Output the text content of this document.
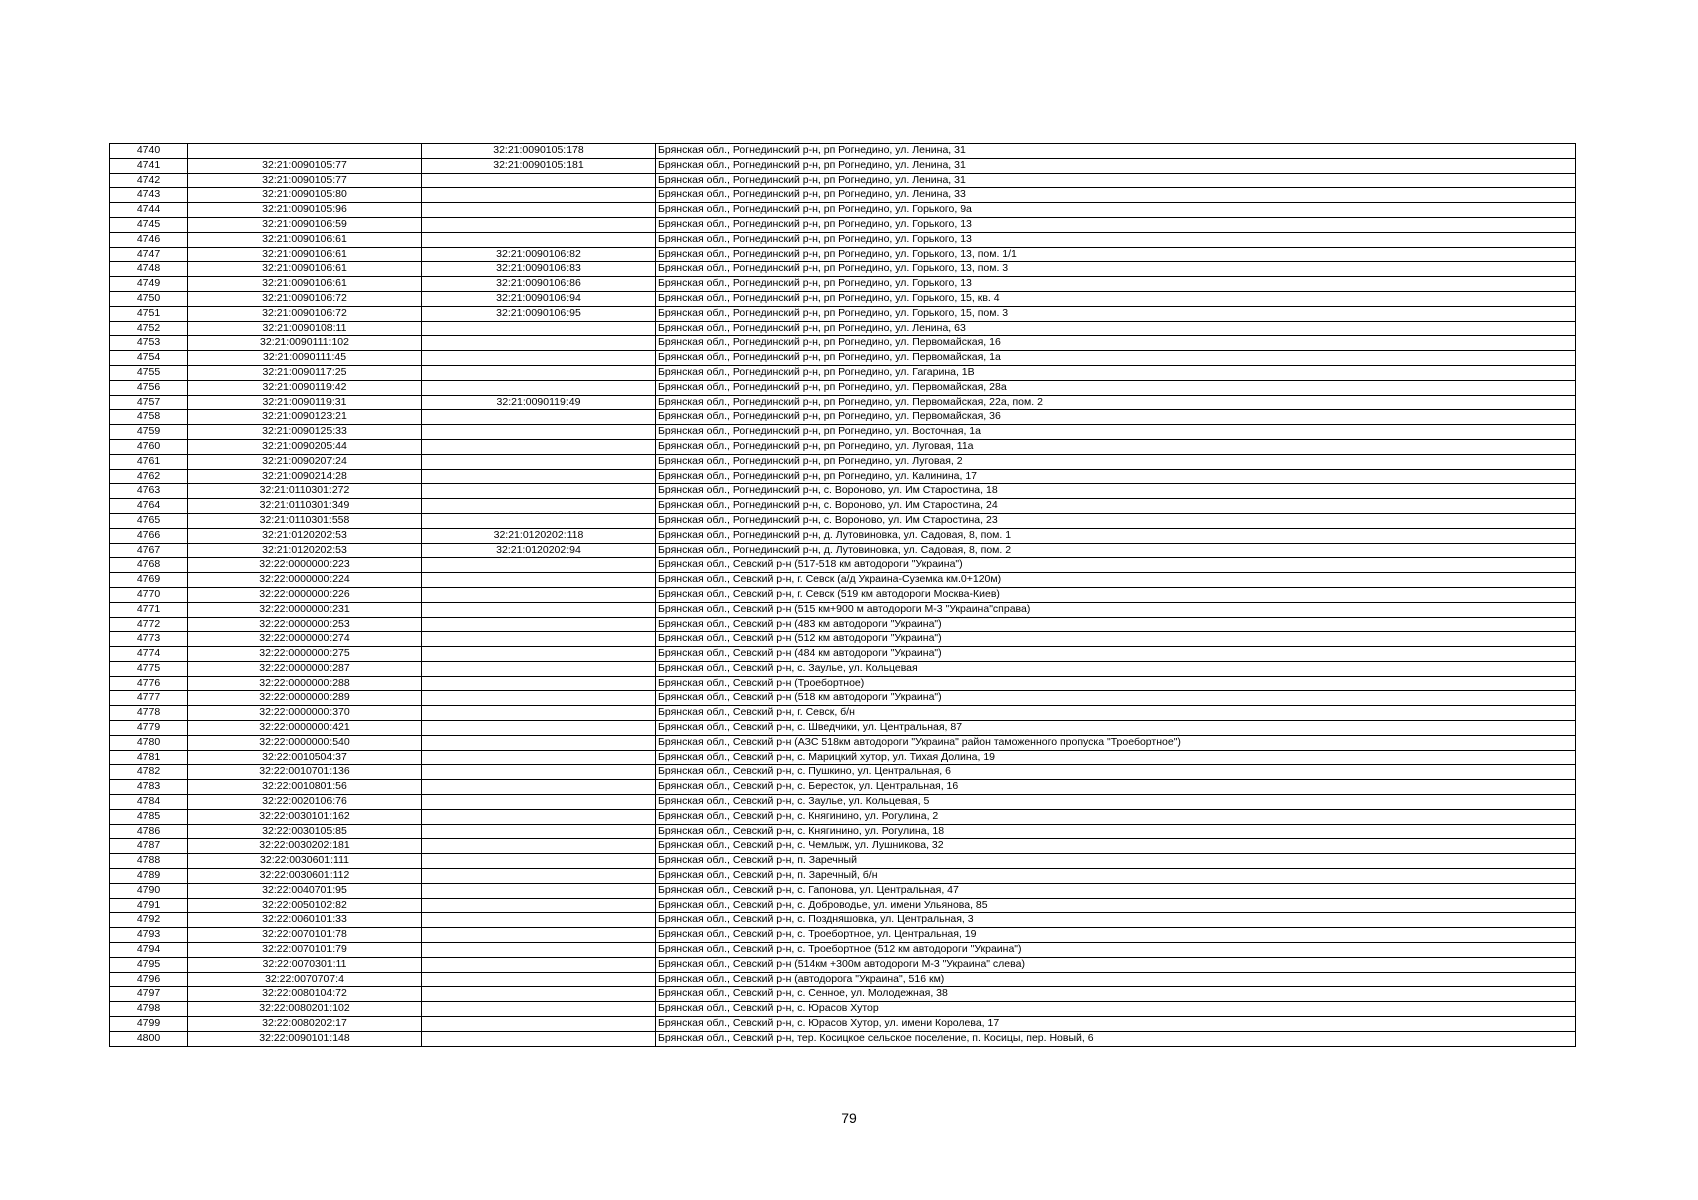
4740		32:21:0090105:178	Брянская обл., Рогнединский р-н, рп Рогнедино, ул. Ленина, 31
4741	32:21:0090105:77	32:21:0090105:181	Брянская обл., Рогнединский р-н, рп Рогнедино, ул. Ленина, 31
4742	32:21:0090105:77		Брянская обл., Рогнединский р-н, рп Рогнедино, ул. Ленина, 31
4743	32:21:0090105:80		Брянская обл., Рогнединский р-н, рп Рогнедино, ул. Ленина, 33
4744	32:21:0090105:96		Брянская обл., Рогнединский р-н, рп Рогнедино, ул. Горького, 9а
4745	32:21:0090106:59		Брянская обл., Рогнединский р-н, рп Рогнедино, ул. Горького, 13
4746	32:21:0090106:61		Брянская обл., Рогнединский р-н, рп Рогнедино, ул. Горького, 13
4747	32:21:0090106:61	32:21:0090106:82	Брянская обл., Рогнединский р-н, рп Рогнедино, ул. Горького, 13, пом. 1/1
4748	32:21:0090106:61	32:21:0090106:83	Брянская обл., Рогнединский р-н, рп Рогнедино, ул. Горького, 13, пом. 3
4749	32:21:0090106:61	32:21:0090106:86	Брянская обл., Рогнединский р-н, рп Рогнедино, ул. Горького, 13
4750	32:21:0090106:72	32:21:0090106:94	Брянская обл., Рогнединский р-н, рп Рогнедино, ул. Горького, 15, кв. 4
4751	32:21:0090106:72	32:21:0090106:95	Брянская обл., Рогнединский р-н, рп Рогнедино, ул. Горького, 15, пом. 3
4752	32:21:0090108:11		Брянская обл., Рогнединский р-н, рп Рогнедино, ул. Ленина, 63
4753	32:21:0090111:102		Брянская обл., Рогнединский р-н, рп Рогнедино, ул. Первомайская, 16
4754	32:21:0090111:45		Брянская обл., Рогнединский р-н, рп Рогнедино, ул. Первомайская, 1а
4755	32:21:0090117:25		Брянская обл., Рогнединский р-н, рп Рогнедино, ул. Гагарина, 1В
4756	32:21:0090119:42		Брянская обл., Рогнединский р-н, рп Рогнедино, ул. Первомайская, 28а
4757	32:21:0090119:31	32:21:0090119:49	Брянская обл., Рогнединский р-н, рп Рогнедино, ул. Первомайская, 22а, пом. 2
4758	32:21:0090123:21		Брянская обл., Рогнединский р-н, рп Рогнедино, ул. Первомайская, 36
4759	32:21:0090125:33		Брянская обл., Рогнединский р-н, рп Рогнедино, ул. Восточная, 1а
4760	32:21:0090205:44		Брянская обл., Рогнединский р-н, рп Рогнедино, ул. Луговая, 11а
4761	32:21:0090207:24		Брянская обл., Рогнединский р-н, рп Рогнедино, ул. Луговая, 2
4762	32:21:0090214:28		Брянская обл., Рогнединский р-н, рп Рогнедино, ул. Калинина, 17
4763	32:21:0110301:272		Брянская обл., Рогнединский р-н, с. Вороново, ул. Им Старостина, 18
4764	32:21:0110301:349		Брянская обл., Рогнединский р-н, с. Вороново, ул. Им Старостина, 24
4765	32:21:0110301:558		Брянская обл., Рогнединский р-н, с. Вороново, ул. Им Старостина, 23
4766	32:21:0120202:53	32:21:0120202:118	Брянская обл., Рогнединский р-н, д. Лутовиновка, ул. Садовая, 8, пом. 1
4767	32:21:0120202:53	32:21:0120202:94	Брянская обл., Рогнединский р-н, д. Лутовиновка, ул. Садовая, 8, пом. 2
4768	32:22:0000000:223		Брянская обл., Севский р-н (517-518 км автодороги "Украина")
4769	32:22:0000000:224		Брянская обл., Севский р-н, г. Севск (а/д Украина-Суземка км.0+120м)
4770	32:22:0000000:226		Брянская обл., Севский р-н, г. Севск (519 км автодороги Москва-Киев)
4771	32:22:0000000:231		Брянская обл., Севский р-н (515 км+900 м автодороги М-3 "Украина"справа)
4772	32:22:0000000:253		Брянская обл., Севский р-н (483 км автодороги "Украина")
4773	32:22:0000000:274		Брянская обл., Севский р-н (512 км автодороги "Украина")
4774	32:22:0000000:275		Брянская обл., Севский р-н (484 км автодороги "Украина")
4775	32:22:0000000:287		Брянская обл., Севский р-н, с. Заулье, ул. Кольцевая
4776	32:22:0000000:288		Брянская обл., Севский р-н (Троебортное)
4777	32:22:0000000:289		Брянская обл., Севский р-н (518 км автодороги "Украина")
4778	32:22:0000000:370		Брянская обл., Севский р-н, г. Севск, б/н
4779	32:22:0000000:421		Брянская обл., Севский р-н, с. Шведчики, ул. Центральная, 87
4780	32:22:0000000:540		Брянская обл., Севский р-н (АЗС 518км автодороги "Украина" район таможенного пропуска "Троебортное")
4781	32:22:0010504:37		Брянская обл., Севский р-н, с. Марицкий хутор, ул. Тихая Долина, 19
4782	32:22:0010701:136		Брянская обл., Севский р-н, с. Пушкино, ул. Центральная, 6
4783	32:22:0010801:56		Брянская обл., Севский р-н, с. Бересток, ул. Центральная, 16
4784	32:22:0020106:76		Брянская обл., Севский р-н, с. Заулье, ул. Кольцевая, 5
4785	32:22:0030101:162		Брянская обл., Севский р-н, с. Княгинино, ул. Рогулина, 2
4786	32:22:0030105:85		Брянская обл., Севский р-н, с. Княгинино, ул. Рогулина, 18
4787	32:22:0030202:181		Брянская обл., Севский р-н, с. Чемлыж, ул. Лушникова, 32
4788	32:22:0030601:111		Брянская обл., Севский р-н, п. Заречный
4789	32:22:0030601:112		Брянская обл., Севский р-н, п. Заречный, б/н
4790	32:22:0040701:95		Брянская обл., Севский р-н, с. Гапонова, ул. Центральная, 47
4791	32:22:0050102:82		Брянская обл., Севский р-н, с. Доброводье, ул. имени Ульянова, 85
4792	32:22:0060101:33		Брянская обл., Севский р-н, с. Поздняшовка, ул. Центральная, 3
4793	32:22:0070101:78		Брянская обл., Севский р-н, с. Троебортное, ул. Центральная, 19
4794	32:22:0070101:79		Брянская обл., Севский р-н, с. Троебортное (512 км автодороги "Украина")
4795	32:22:0070301:11		Брянская обл., Севский р-н (514км +300м автодороги М-3 "Украина" слева)
4796	32:22:0070707:4		Брянская обл., Севский р-н (автодорога "Украина", 516 км)
4797	32:22:0080104:72		Брянская обл., Севский р-н, с. Сенное, ул. Молодежная, 38
4798	32:22:0080201:102		Брянская обл., Севский р-н, с. Юрасов Хутор
4799	32:22:0080202:17		Брянская обл., Севский р-н, с. Юрасов Хутор, ул. имени Королева, 17
4800	32:22:0090101:148		Брянская обл., Севский р-н, тер. Косицкое сельское поселение, п. Косицы, пер. Новый, 6
79
